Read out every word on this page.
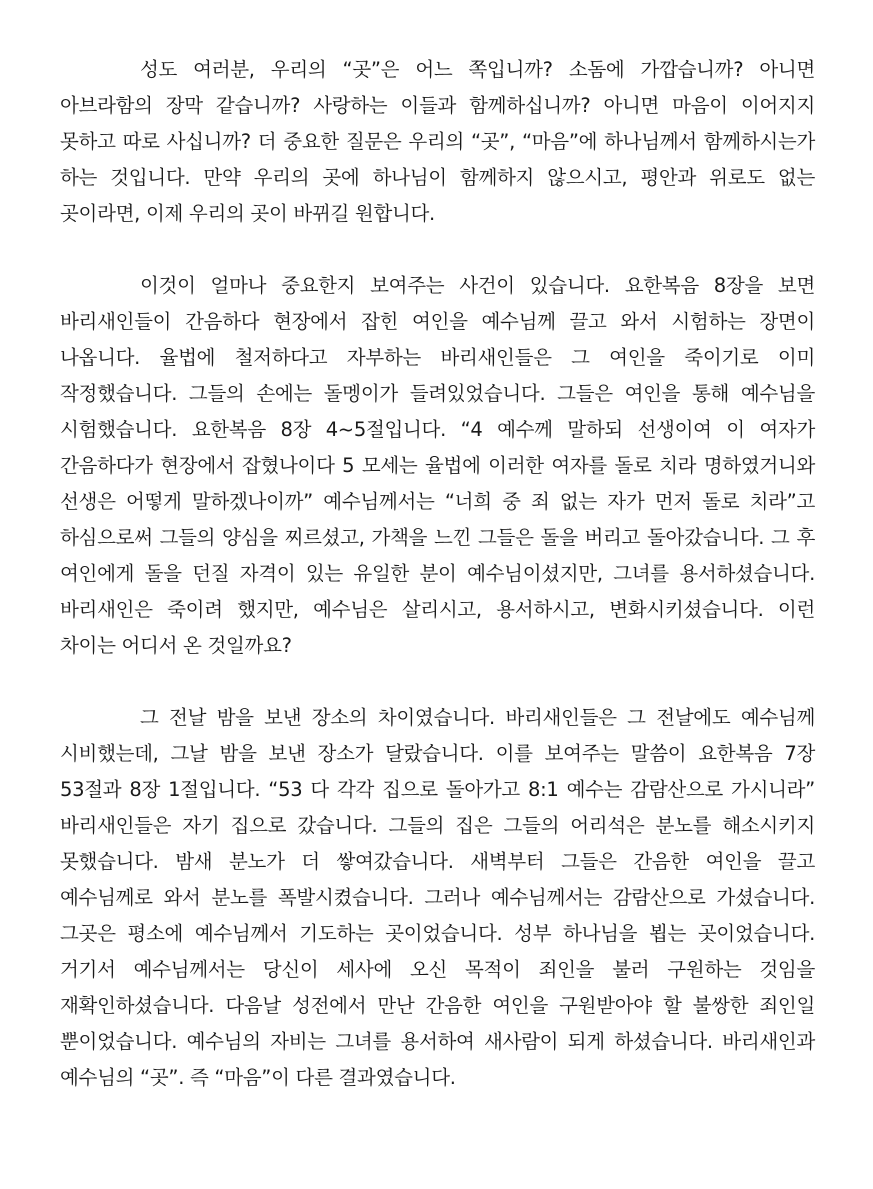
성도 여러분, 우리의 “곳”은 어느 쪽입니까? 소돔에 가깝습니까? 아니면 아브라함의 장막 같습니까? 사랑하는 이들과 함께하십니까? 아니면 마음이 이어지지 못하고 따로 사십니까? 더 중요한 질문은 우리의 “곳”, “마음”에 하나님께서 함께하시는가 하는 것입니다. 만약 우리의 곳에 하나님이 함께하지 않으시고, 평안과 위로도 없는 곳이라면, 이제 우리의 곳이 바뀌길 원합니다.

이것이 얼마나 중요한지 보여주는 사건이 있습니다. 요한복음 8장을 보면 바리새인들이 간음하다 현장에서 잡힌 여인을 예수님께 끌고 와서 시험하는 장면이 나옵니다. 율법에 철저하다고 자부하는 바리새인들은 그 여인을 죽이기로 이미 작정했습니다. 그들의 손에는 돌멩이가 들려있었습니다. 그들은 여인을 통해 예수님을 시험했습니다. 요한복음 8장 4~5절입니다. “4 예수께 말하되 선생이여 이 여자가 간음하다가 현장에서 잡혔나이다 5 모세는 율법에 이러한 여자를 돌로 치라 명하였거니와 선생은 어떻게 말하겠나이까” 예수님께서는 “너희 중 죄 없는 자가 먼저 돌로 치라”고 하심으로써 그들의 양심을 찌르셨고, 가책을 느낀 그들은 돌을 버리고 돌아갔습니다. 그 후 여인에게 돌을 던질 자격이 있는 유일한 분이 예수님이셨지만, 그녀를 용서하셨습니다. 바리새인은 죽이려 했지만, 예수님은 살리시고, 용서하시고, 변화시키셨습니다. 이런 차이는 어디서 온 것일까요?

그 전날 밤을 보낸 장소의 차이였습니다. 바리새인들은 그 전날에도 예수님께 시비했는데, 그날 밤을 보낸 장소가 달랐습니다. 이를 보여주는 말씀이 요한복음 7장 53절과 8장 1절입니다. “53 다 각각 집으로 돌아가고 8:1 예수는 감람산으로 가시니라” 바리새인들은 자기 집으로 갔습니다. 그들의 집은 그들의 어리석은 분노를 해소시키지 못했습니다. 밤새 분노가 더 쌓여갔습니다. 새벽부터 그들은 간음한 여인을 끌고 예수님께로 와서 분노를 폭발시켰습니다. 그러나 예수님께서는 감람산으로 가셨습니다. 그곳은 평소에 예수님께서 기도하는 곳이었습니다. 성부 하나님을 뵙는 곳이었습니다. 거기서 예수님께서는 당신이 세사에 오신 목적이 죄인을 불러 구원하는 것임을 재확인하셨습니다. 다음날 성전에서 만난 간음한 여인을 구원받아야 할 불쌍한 죄인일 뿐이었습니다. 예수님의 자비는 그녀를 용서하여 새사람이 되게 하셨습니다. 바리새인과 예수님의 “곳”. 즉 “마음”이 다른 결과였습니다.
